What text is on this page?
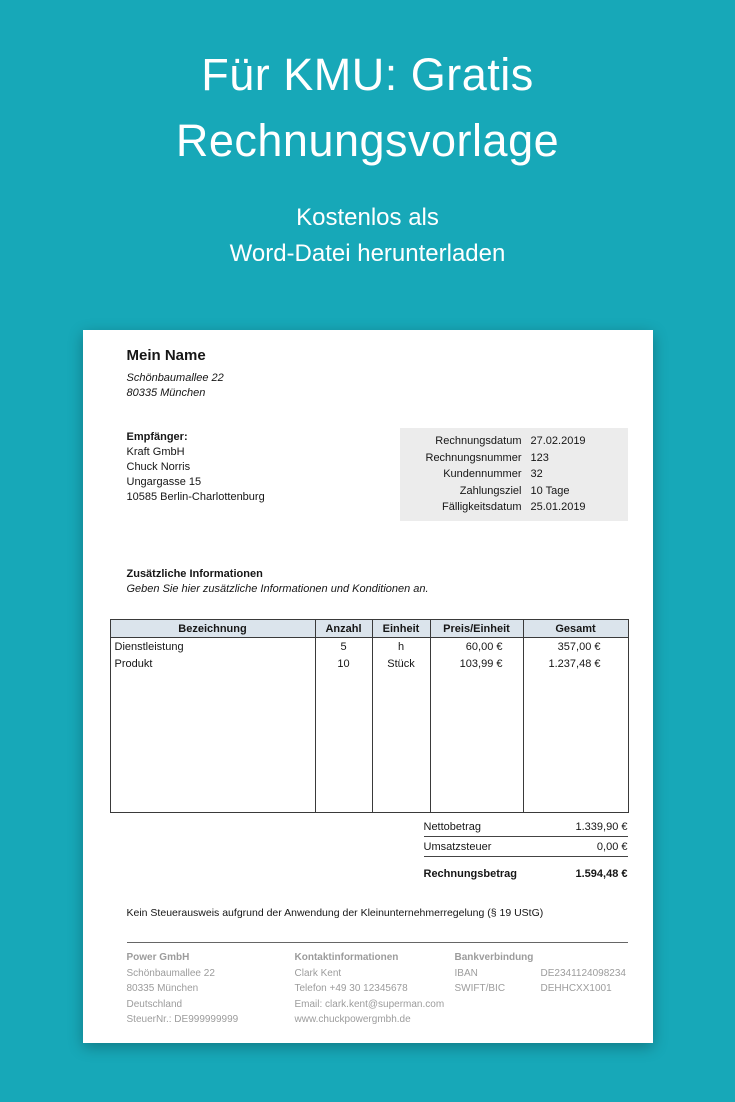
Für KMU: Gratis
Rechnungsvorlage
Kostenlos als
Word-Datei herunterladen
Mein Name
Schönbaumallee 22
80335 München
Empfänger:
Kraft GmbH
Chuck Norris
Ungargasse 15
10585 Berlin-Charlottenburg
Rechnungsdatum 27.02.2019
Rechnungsnummer 123
Kundennummer 32
Zahlungsziel 10 Tage
Fälligkeitsdatum 25.01.2019
Zusätzliche Informationen
Geben Sie hier zusätzliche Informationen und Konditionen an.
Bezeichnung	Anzahl	Einheit	Preis/Einheit	Gesamt
Dienstleistung	5	h	60,00 €	357,00 €
Produkt	10	Stück	103,99 €	1.237,48 €

Nettobetrag	1.339,90 €
Umsatzsteuer	0,00 €
Rechnungsbetrag	1.594,48 €
Kein Steuerausweis aufgrund der Anwendung der Kleinunternehmerregelung (§ 19 UStG)
Power GmbH
Schönbaumallee 22
80335 München
Deutschland
SteuerNr.: DE999999999
Kontaktinformationen
Clark Kent
Telefon +49 30 12345678
Email: clark.kent@superman.com
www.chuckpowergmbh.de
Bankverbindung
IBAN	DE2341124098234
SWIFT/BIC	DEHHCXX1001
